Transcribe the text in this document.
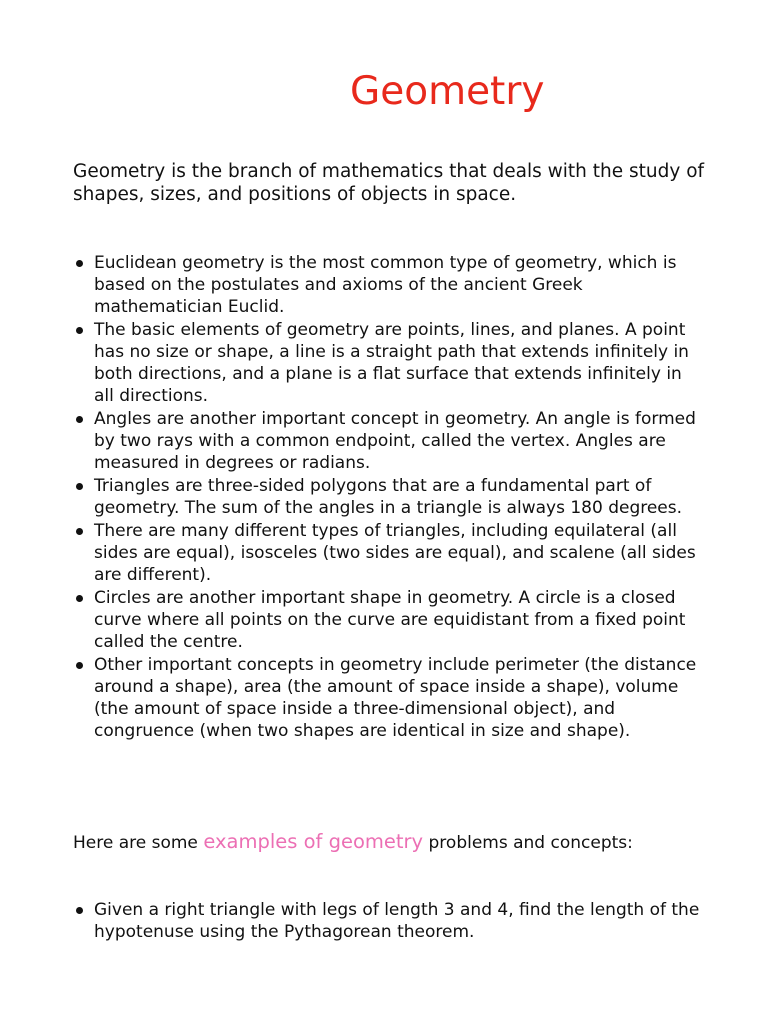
Geometry

Geometry is the branch of mathematics that deals with the study of shapes, sizes, and positions of objects in space.

Euclidean geometry is the most common type of geometry, which is based on the postulates and axioms of the ancient Greek mathematician Euclid.
The basic elements of geometry are points, lines, and planes. A point has no size or shape, a line is a straight path that extends infinitely in both directions, and a plane is a flat surface that extends infinitely in all directions.
Angles are another important concept in geometry. An angle is formed by two rays with a common endpoint, called the vertex. Angles are measured in degrees or radians.
Triangles are three-sided polygons that are a fundamental part of geometry. The sum of the angles in a triangle is always 180 degrees.
There are many different types of triangles, including equilateral (all sides are equal), isosceles (two sides are equal), and scalene (all sides are different).
Circles are another important shape in geometry. A circle is a closed curve where all points on the curve are equidistant from a fixed point called the centre.
Other important concepts in geometry include perimeter (the distance around a shape), area (the amount of space inside a shape), volume (the amount of space inside a three-dimensional object), and congruence (when two shapes are identical in size and shape).

Here are some examples of geometry problems and concepts:

Given a right triangle with legs of length 3 and 4, find the length of the hypotenuse using the Pythagorean theorem.
